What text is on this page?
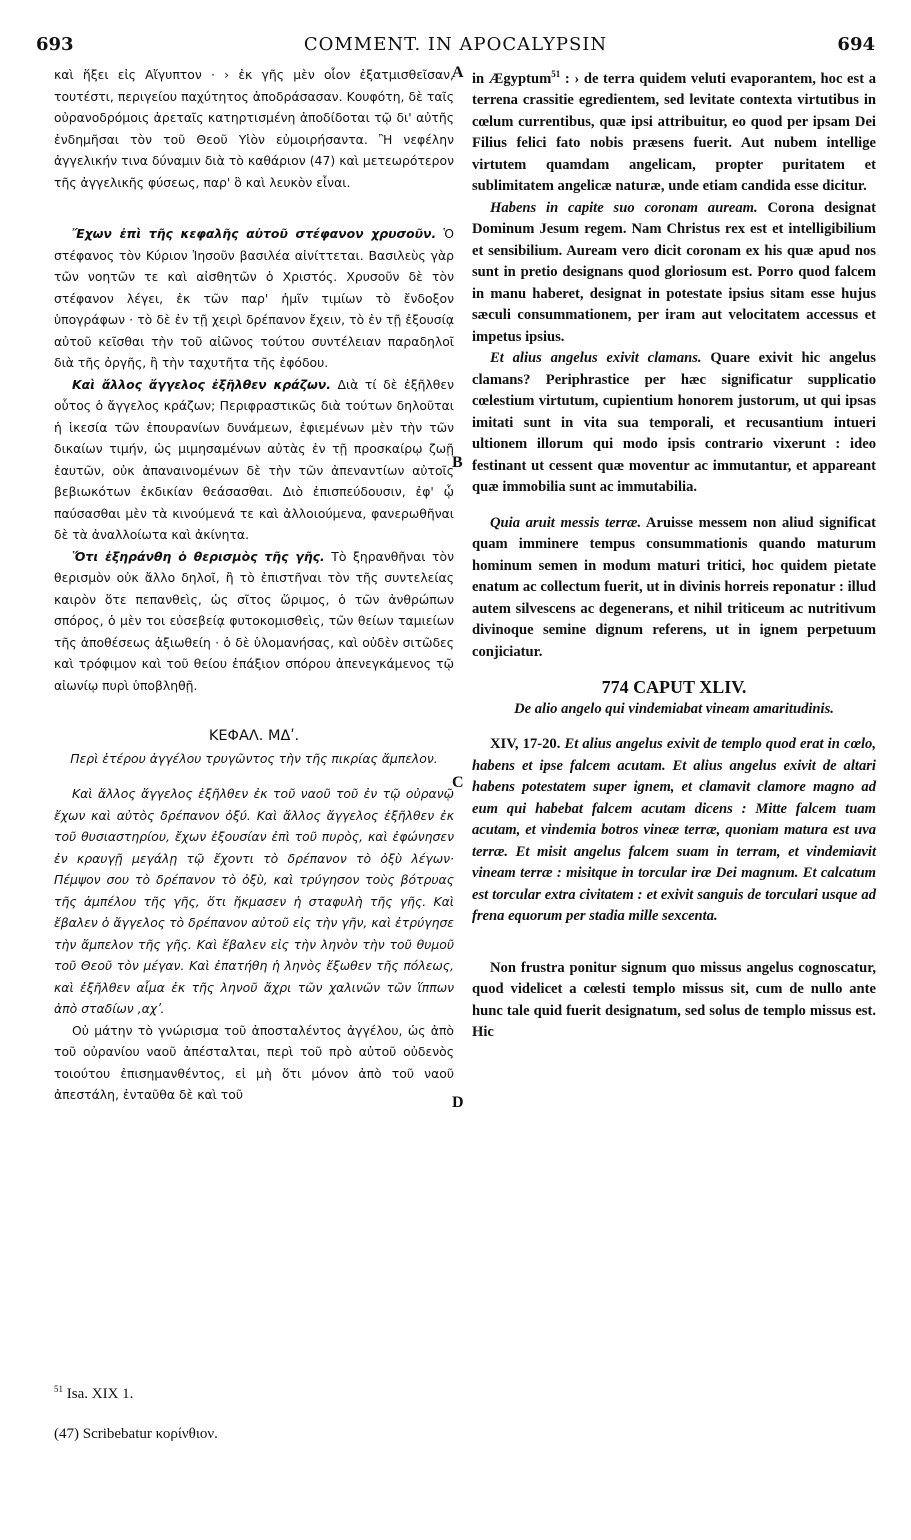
693	COMMENT. IN APOCALYPSIN	694
A
B
C
D

καὶ ἥξει εἰς Αἴγυπτον · › ἐκ γῆς μὲν οἷον ἐξατμισθεῖσαν, τουτέστι, περιγείου παχύτητος ἀποδράσασαν. Κουφότη, δὲ ταῖς οὐρανοδρόμοις ἀρεταῖς κατηρτισμένη ἀποδίδοται τῷ δι' αὐτῆς ἐνδημῆσαι τὸν τοῦ Θεοῦ Υἱὸν εὐμοιρήσαντα. Ἢ νεφέλην ἀγγελικήν τινα δύναμιν διὰ τὸ καθάριον (47) καὶ μετεωρότερον τῆς ἀγγελικῆς φύσεως, παρ' ὃ καὶ λευκὸν εἶναι.

Ἔχων ἐπὶ τῆς κεφαλῆς αὐτοῦ στέφανον χρυσοῦν. Ὁ στέφανος τὸν Κύριον Ἰησοῦν βασιλέα αἰνίττεται. Βασιλεὺς γὰρ τῶν νοητῶν τε καὶ αἰσθητῶν ὁ Χριστός. Χρυσοῦν δὲ τὸν στέφανον λέγει, ἐκ τῶν παρ' ἡμῖν τιμίων τὸ ἔνδοξον ὑπογράφων · τὸ δὲ ἐν τῇ χειρὶ δρέπανον ἔχειν, τὸ ἐν τῇ ἐξουσίᾳ αὐτοῦ κεῖσθαι τὴν τοῦ αἰῶνος τούτου συντέλειαν παραδηλοῖ διὰ τῆς ὀργῆς, ἢ τὴν ταχυτῆτα τῆς ἐφόδου.

Καὶ ἄλλος ἄγγελος ἐξῆλθεν κράζων. Διὰ τί δὲ ἐξῆλθεν οὗτος ὁ ἄγγελος κράζων; Περιφραστικῶς διὰ τούτων δηλοῦται ἡ ἱκεσία τῶν ἐπουρανίων δυνάμεων, ἐφιεμένων μὲν τὴν τῶν δικαίων τιμήν, ὡς μιμησαμένων αὐτὰς ἐν τῇ προσκαίρῳ ζωῇ ἑαυτῶν, οὐκ ἀπαναινομένων δὲ τὴν τῶν ἀπεναντίων αὐτοῖς βεβιωκότων ἐκδικίαν θεάσασθαι. Διὸ ἐπισπεύδουσιν, ἐφ' ᾧ παύσασθαι μὲν τὰ κινούμενά τε καὶ ἀλλοιούμενα, φανερωθῆναι δὲ τὰ ἀναλλοίωτα καὶ ἀκίνητα.

Ὅτι ἐξηράνθη ὁ θερισμὸς τῆς γῆς. Τὸ ξηρανθῆναι τὸν θερισμὸν οὐκ ἄλλο δηλοῖ, ἢ τὸ ἐπιστῆναι τὸν τῆς συντελείας καιρὸν ὅτε πεπανθεὶς, ὡς σῖτος ὥριμος, ὁ τῶν ἀνθρώπων σπόρος, ὁ μὲν τοι εὐσεβείᾳ φυτοκομισθεὶς, τῶν θείων ταμιείων τῆς ἀποθέσεως ἀξιωθείη · ὁ δὲ ὑλομανήσας, καὶ οὐδὲν σιτῶδες καὶ τρόφιμον καὶ τοῦ θείου ἐπάξιον σπόρου ἀπενεγκάμενος τῷ αἰωνίῳ πυρὶ ὑποβληθῇ.

ΚΕΦΑΛ. ΜΔʹ.

Περὶ ἑτέρου ἀγγέλου τρυγῶντος τὴν τῆς πικρίας ἄμπελον.

Καὶ ἄλλος ἄγγελος ἐξῆλθεν ἐκ τοῦ ναοῦ τοῦ ἐν τῷ οὐρανῷ ἔχων καὶ αὐτὸς δρέπανον ὀξύ. Καὶ ἄλλος ἄγγελος ἐξῆλθεν ἐκ τοῦ θυσιαστηρίου, ἔχων ἐξουσίαν ἐπὶ τοῦ πυρὸς, καὶ ἐφώνησεν ἐν κραυγῇ μεγάλῃ τῷ ἔχοντι τὸ δρέπανον τὸ ὀξὺ λέγων· Πέμψον σου τὸ δρέπανον τὸ ὀξὺ, καὶ τρύγησον τοὺς βότρυας τῆς ἀμπέλου τῆς γῆς, ὅτι ἤκμασεν ἡ σταφυλὴ τῆς γῆς. Καὶ ἔβαλεν ὁ ἄγγελος τὸ δρέπανον αὐτοῦ εἰς τὴν γῆν, καὶ ἐτρύγησε τὴν ἄμπελον τῆς γῆς. Καὶ ἔβαλεν εἰς τὴν ληνὸν τὴν τοῦ θυμοῦ τοῦ Θεοῦ τὸν μέγαν. Καὶ ἐπατήθη ἡ ληνὸς ἔξωθεν τῆς πόλεως, καὶ ἐξῆλθεν αἷμα ἐκ τῆς ληνοῦ ἄχρι τῶν χαλινῶν τῶν ἵππων ἀπὸ σταδίων ,αχʹ.

Οὐ μάτην τὸ γνώρισμα τοῦ ἀποσταλέντος ἀγγέλου, ὡς ἀπὸ τοῦ οὐρανίου ναοῦ ἀπέσταλται, περὶ τοῦ πρὸ αὐτοῦ οὐδενὸς τοιούτου ἐπισημανθέντος, εἰ μὴ ὅτι μόνον ἀπὸ τοῦ ναοῦ ἀπεστάλη, ἐνταῦθα δὲ καὶ τοῦ

in Ægyptum$^{51}$ : › de terra quidem veluti evaporantem, hoc est a terrena crassitie egredientem, sed levitate contexta virtutibus in cœlum currentibus, quæ ipsi attribuitur, eo quod per ipsam Dei Filius felici fato nobis præsens fuerit. Aut nubem intellige virtutem quamdam angelicam, propter puritatem et sublimitatem angelicæ naturæ, unde etiam candida esse dicitur.

Habens in capite suo coronam auream. Corona designat Dominum Jesum regem. Nam Christus rex est et intelligibilium et sensibilium. Auream vero dicit coronam ex his quæ apud nos sunt in pretio designans quod gloriosum est. Porro quod falcem in manu haberet, designat in potestate ipsius sitam esse hujus sæculi consummationem, per iram aut velocitatem accessus et impetus ipsius.

Et alius angelus exivit clamans. Quare exivit hic angelus clamans? Periphrastice per hæc significatur supplicatio cœlestium virtutum, cupientium honorem justorum, ut qui ipsas imitati sunt in vita sua temporali, et recusantium intueri ultionem illorum qui modo ipsis contrario vixerunt : ideo festinant ut cessent quæ moventur ac immutantur, et appareant quæ immobilia sunt ac immutabilia.

Quia aruit messis terræ. Aruisse messem non aliud significat quam imminere tempus consummationis quando maturum hominum semen in modum maturi tritici, hoc quidem pietate enatum ac collectum fuerit, ut in divinis horreis reponatur : illud autem silvescens ac degenerans, et nihil triticeum ac nutritivum divinoque semine dignum referens, ut in ignem perpetuum conjiciatur.

774 CAPUT XLIV.

De alio angelo qui vindemiabat vineam amaritudinis.

XIV, 17-20. Et alius angelus exivit de templo quod erat in cœlo, habens et ipse falcem acutam. Et alius angelus exivit de altari habens potestatem super ignem, et clamavit clamore magno ad eum qui habebat falcem acutam dicens : Mitte falcem tuam acutam, et vindemia botros vineæ terræ, quoniam matura est uva terræ. Et misit angelus falcem suam in terram, et vindemiavit vineam terræ : misitque in torcular iræ Dei magnum. Et calcatum est torcular extra civitatem : et exivit sanguis de torculari usque ad frena equorum per stadia mille sexcenta.

Non frustra ponitur signum quo missus angelus cognoscatur, quod videlicet a cœlesti templo missus sit, cum de nullo ante hunc tale quid fuerit designatum, sed solus de templo missus est. Hic

$^{51}$ Isa. XIX 1.

(47) Scribebatur κορίνθιον.
